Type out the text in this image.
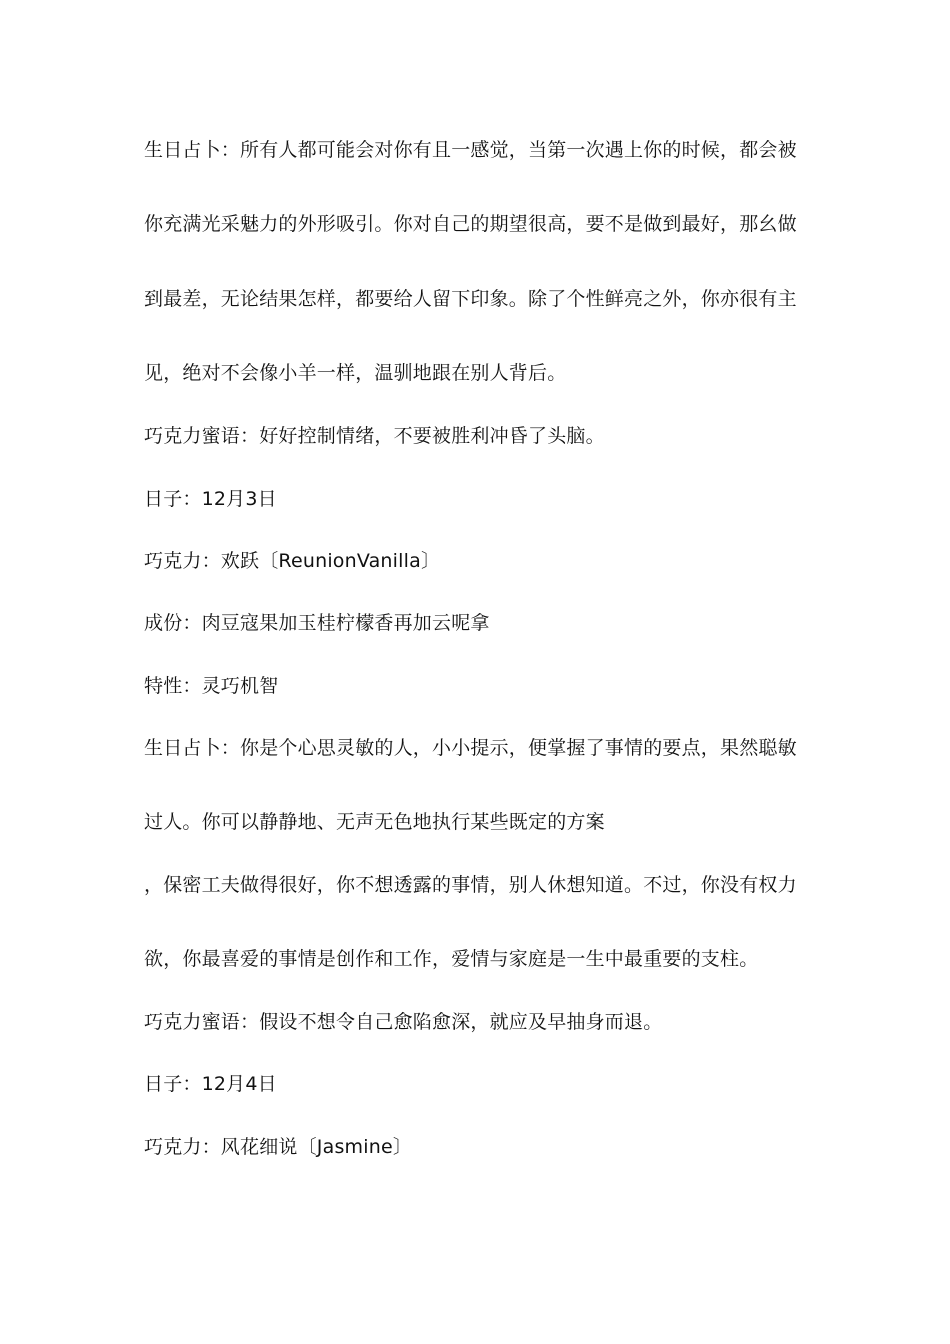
生日占卜：所有人都可能会对你有且一感觉，当第一次遇上你的时候，都会被

你充满光采魅力的外形吸引。你对自己的期望很高，要不是做到最好，那幺做

到最差，无论结果怎样，都要给人留下印象。除了个性鲜亮之外，你亦很有主

见，绝对不会像小羊一样，温驯地跟在别人背后。

巧克力蜜语：好好控制情绪，不要被胜利冲昏了头脑。

日子：12月3日

巧克力：欢跃〔ReunionVanilla〕

成份：肉豆寇果加玉桂柠檬香再加云呢拿

特性：灵巧机智

生日占卜：你是个心思灵敏的人，小小提示，便掌握了事情的要点，果然聪敏

过人。你可以静静地、无声无色地执行某些既定的方案

，保密工夫做得很好，你不想透露的事情，别人休想知道。不过，你没有权力

欲，你最喜爱的事情是创作和工作，爱情与家庭是一生中最重要的支柱。

巧克力蜜语：假设不想令自己愈陷愈深，就应及早抽身而退。

日子：12月4日

巧克力：风花细说〔Jasmine〕
